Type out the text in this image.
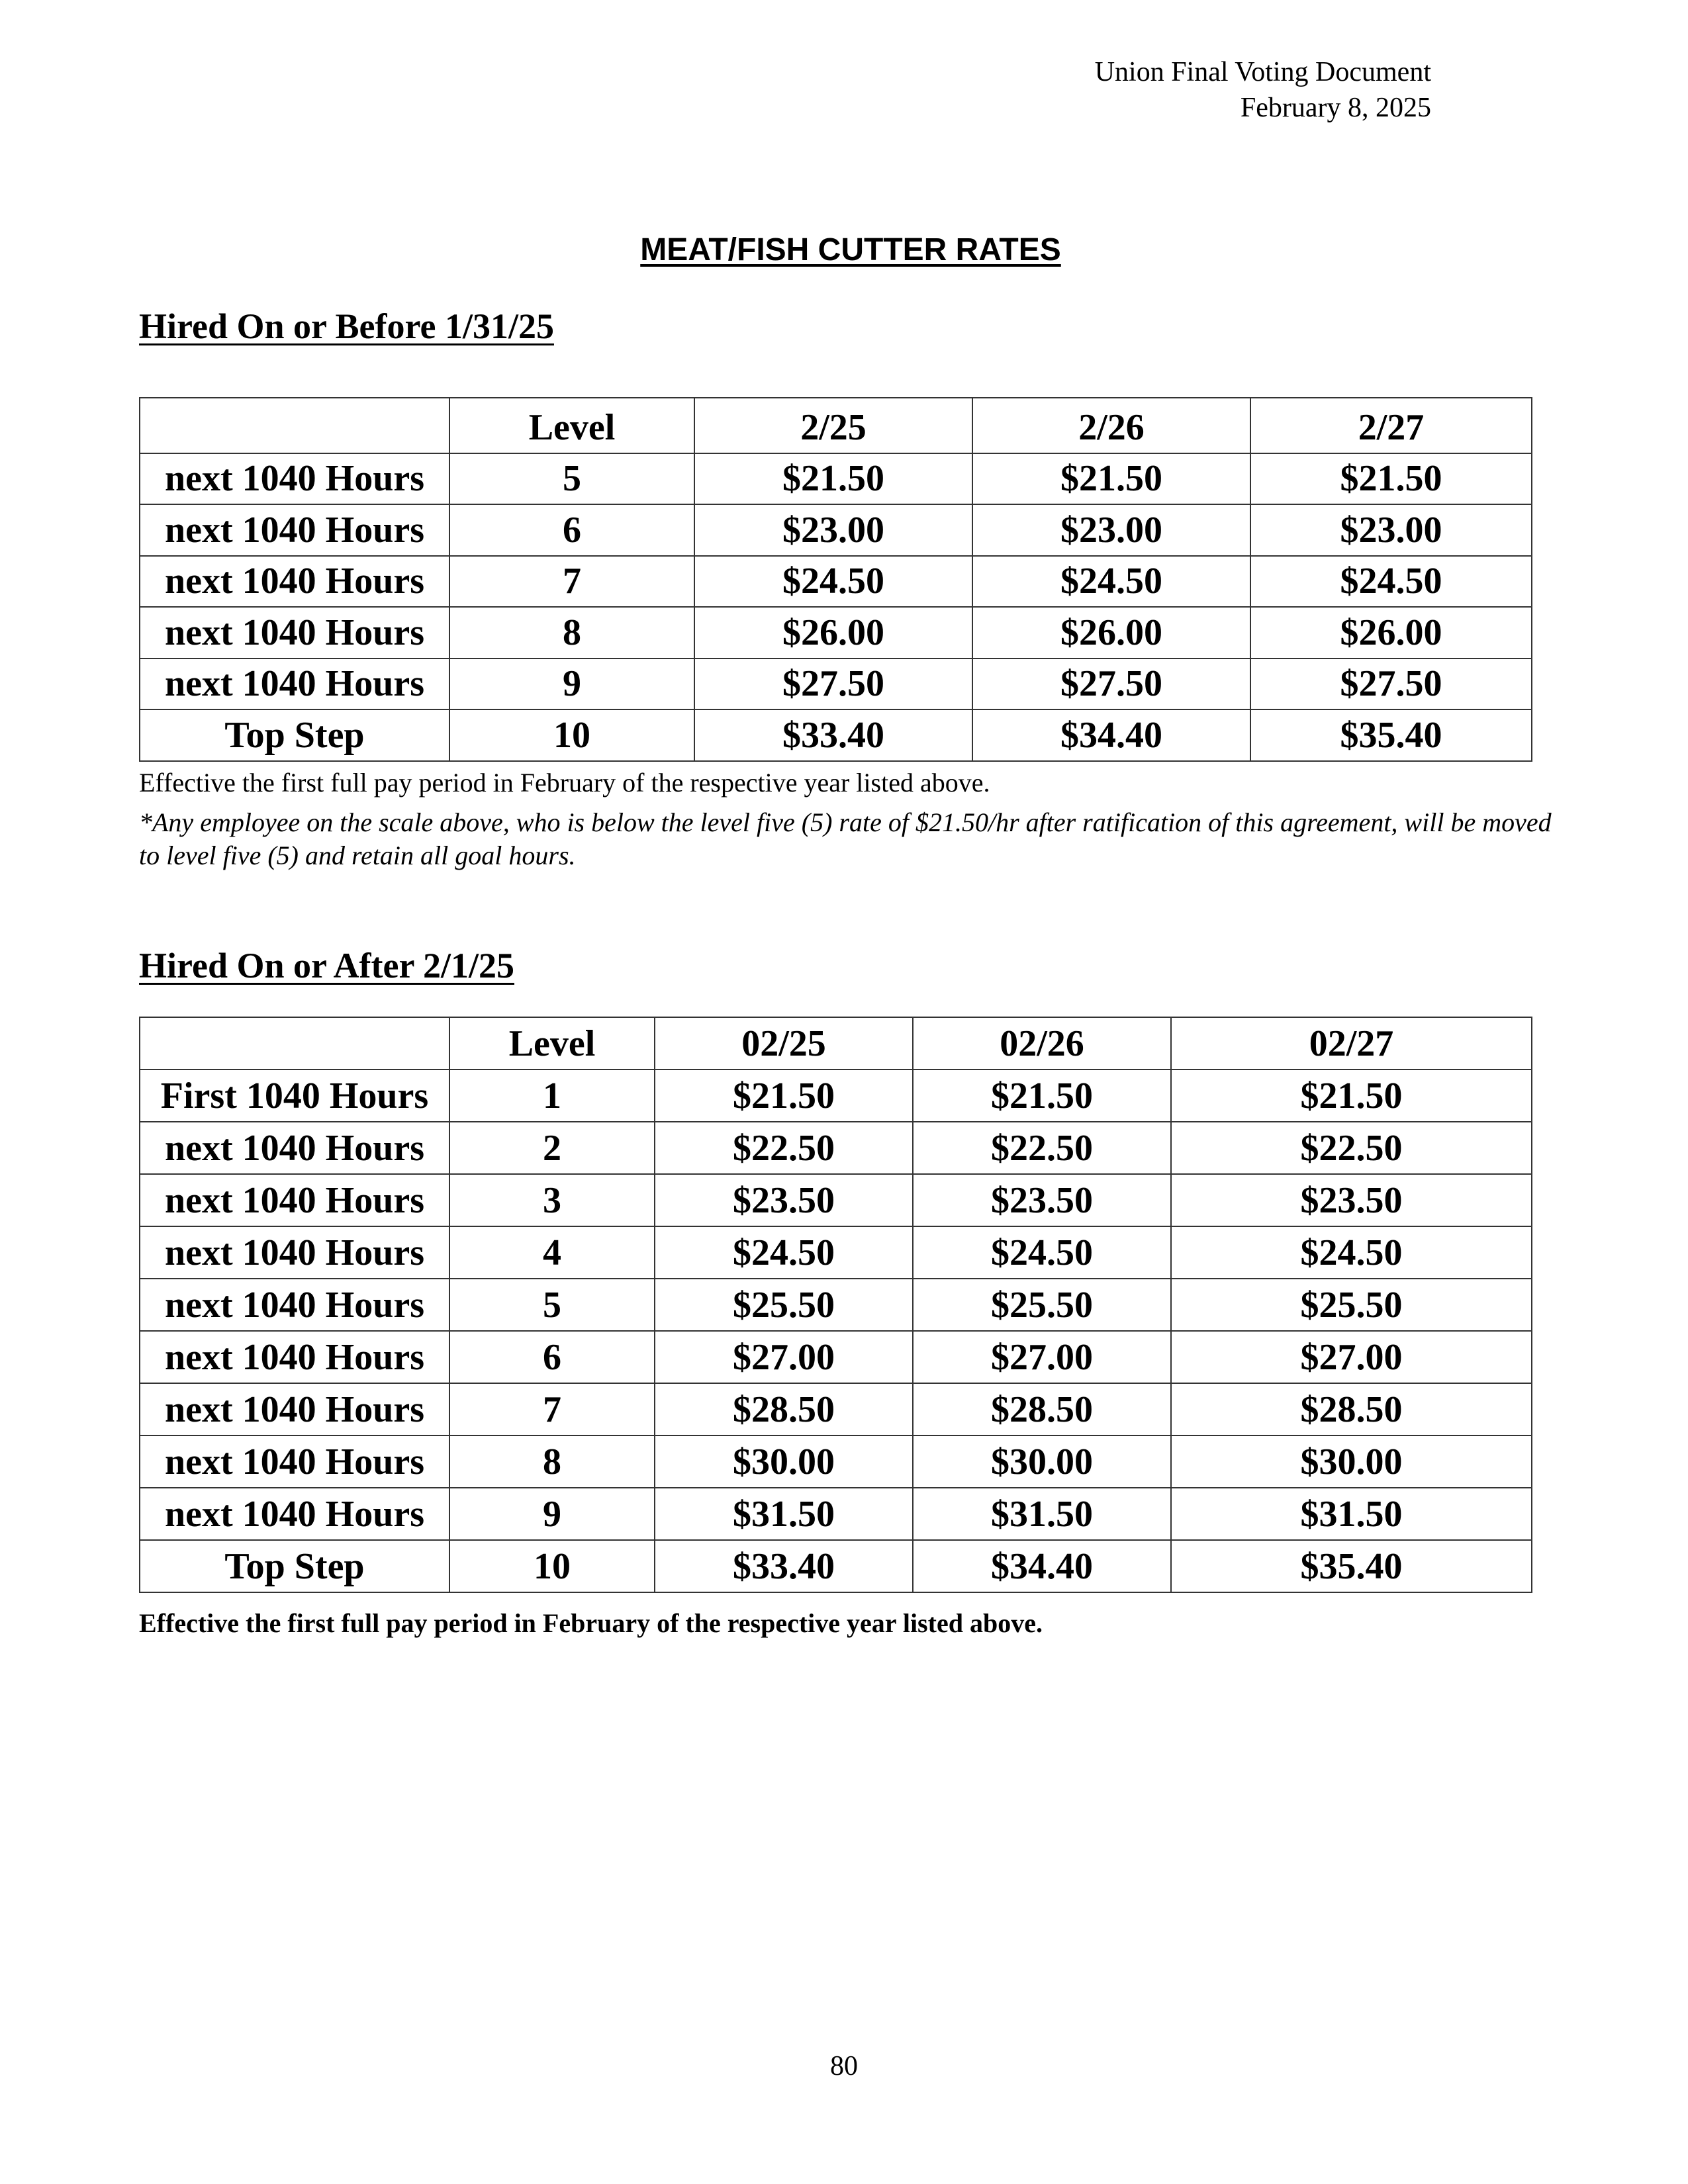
Union Final Voting Document
February 8, 2025
MEAT/FISH CUTTER RATES
Hired On or Before 1/31/25
	Level	2/25	2/26	2/27
next 1040 Hours	5	$21.50	$21.50	$21.50
next 1040 Hours	6	$23.00	$23.00	$23.00
next 1040 Hours	7	$24.50	$24.50	$24.50
next 1040 Hours	8	$26.00	$26.00	$26.00
next 1040 Hours	9	$27.50	$27.50	$27.50
Top Step	10	$33.40	$34.40	$35.40
Effective the first full pay period in February of the respective year listed above.
*Any employee on the scale above, who is below the level five (5) rate of $21.50/hr after ratification of this agreement, will be moved to level five (5) and retain all goal hours.
Hired On or After 2/1/25
	Level	02/25	02/26	02/27
First 1040 Hours	1	$21.50	$21.50	$21.50
next 1040 Hours	2	$22.50	$22.50	$22.50
next 1040 Hours	3	$23.50	$23.50	$23.50
next 1040 Hours	4	$24.50	$24.50	$24.50
next 1040 Hours	5	$25.50	$25.50	$25.50
next 1040 Hours	6	$27.00	$27.00	$27.00
next 1040 Hours	7	$28.50	$28.50	$28.50
next 1040 Hours	8	$30.00	$30.00	$30.00
next 1040 Hours	9	$31.50	$31.50	$31.50
Top Step	10	$33.40	$34.40	$35.40
Effective the first full pay period in February of the respective year listed above.
80
